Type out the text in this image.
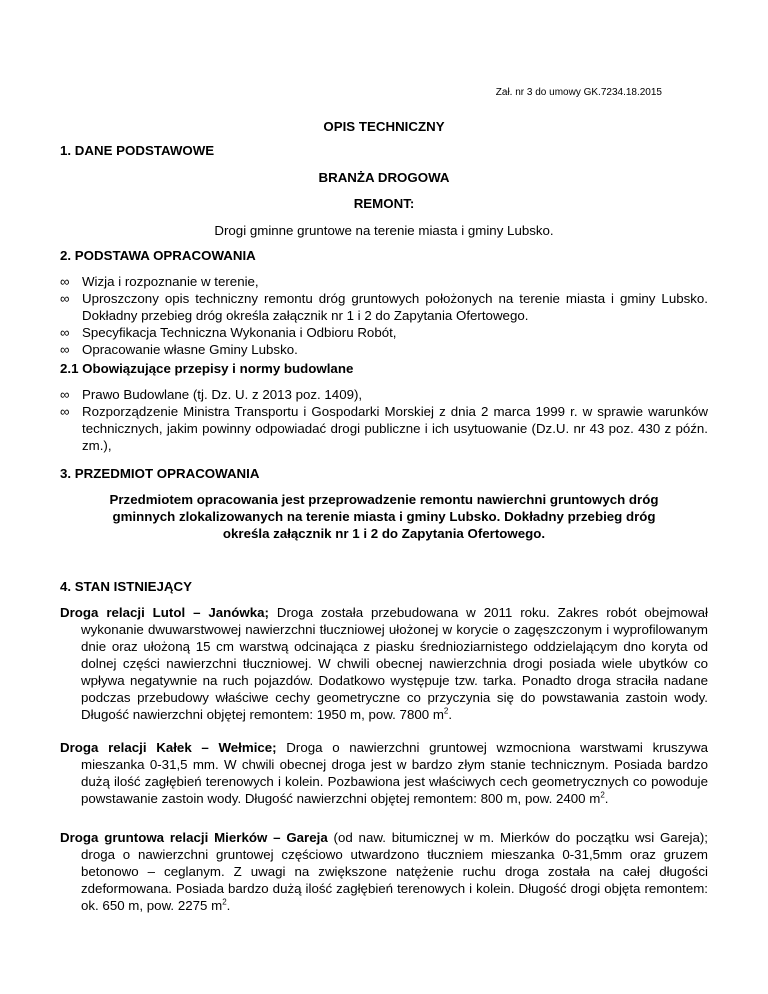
Zał. nr 3 do umowy GK.7234.18.2015
OPIS TECHNICZNY
1. DANE PODSTAWOWE
BRANŻA DROGOWA
REMONT:
Drogi gminne gruntowe na terenie miasta i gminy Lubsko.
2. PODSTAWA OPRACOWANIA
∞ Wizja i rozpoznanie w terenie,
∞ Uproszczony opis techniczny remontu dróg gruntowych położonych na terenie miasta i gminy Lubsko. Dokładny przebieg dróg określa załącznik nr 1 i 2 do Zapytania Ofertowego.
∞ Specyfikacja Techniczna Wykonania i Odbioru Robót,
∞ Opracowanie własne Gminy Lubsko.
2.1 Obowiązujące przepisy i normy budowlane
∞ Prawo Budowlane (tj. Dz. U. z 2013 poz. 1409),
∞ Rozporządzenie Ministra Transportu i Gospodarki Morskiej z dnia 2 marca 1999 r. w sprawie warunków technicznych, jakim powinny odpowiadać drogi publiczne i ich usytuowanie (Dz.U. nr 43 poz. 430 z późn. zm.),
3. PRZEDMIOT OPRACOWANIA
Przedmiotem opracowania jest przeprowadzenie remontu nawierchni gruntowych dróg gminnych zlokalizowanych na terenie miasta i gminy Lubsko. Dokładny przebieg dróg określa załącznik nr 1 i 2 do Zapytania Ofertowego.
4. STAN ISTNIEJĄCY
Droga relacji Lutol – Janówka; Droga została przebudowana w 2011 roku. Zakres robót obejmował wykonanie dwuwarstwowej nawierzchni tłuczniowej ułożonej w korycie o zagęszczonym i wyprofilowanym dnie oraz ułożoną 15 cm warstwą odcinająca z piasku średnioziarnistego oddzielającym dno koryta od dolnej części nawierzchni tłuczniowej. W chwili obecnej nawierzchnia drogi posiada wiele ubytków co wpływa negatywnie na ruch pojazdów. Dodatkowo występuje tzw. tarka. Ponadto droga straciła nadane podczas przebudowy właściwe cechy geometryczne co przyczynia się do powstawania zastoin wody. Długość nawierzchni objętej remontem: 1950 m, pow. 7800 $m^2$.
Droga relacji Kałek – Wełmice; Droga o nawierzchni gruntowej wzmocniona warstwami kruszywa mieszanka 0-31,5 mm. W chwili obecnej droga jest w bardzo złym stanie technicznym. Posiada bardzo dużą ilość zagłębień terenowych i kolein. Pozbawiona jest właściwych cech geometrycznych co powoduje powstawanie zastoin wody. Długość nawierzchni objętej remontem: 800 m, pow. 2400 $m^2$.
Droga gruntowa relacji Mierków – Gareja (od naw. bitumicznej w m. Mierków do początku wsi Gareja); droga o nawierzchni gruntowej częściowo utwardzono tłuczniem mieszanka 0-31,5mm oraz gruzem betonowo – ceglanym. Z uwagi na zwiększone natężenie ruchu droga została na całej długości zdeformowana. Posiada bardzo dużą ilość zagłębień terenowych i kolein. Długość drogi objęta remontem: ok. 650 m, pow. 2275 $m^2$.
